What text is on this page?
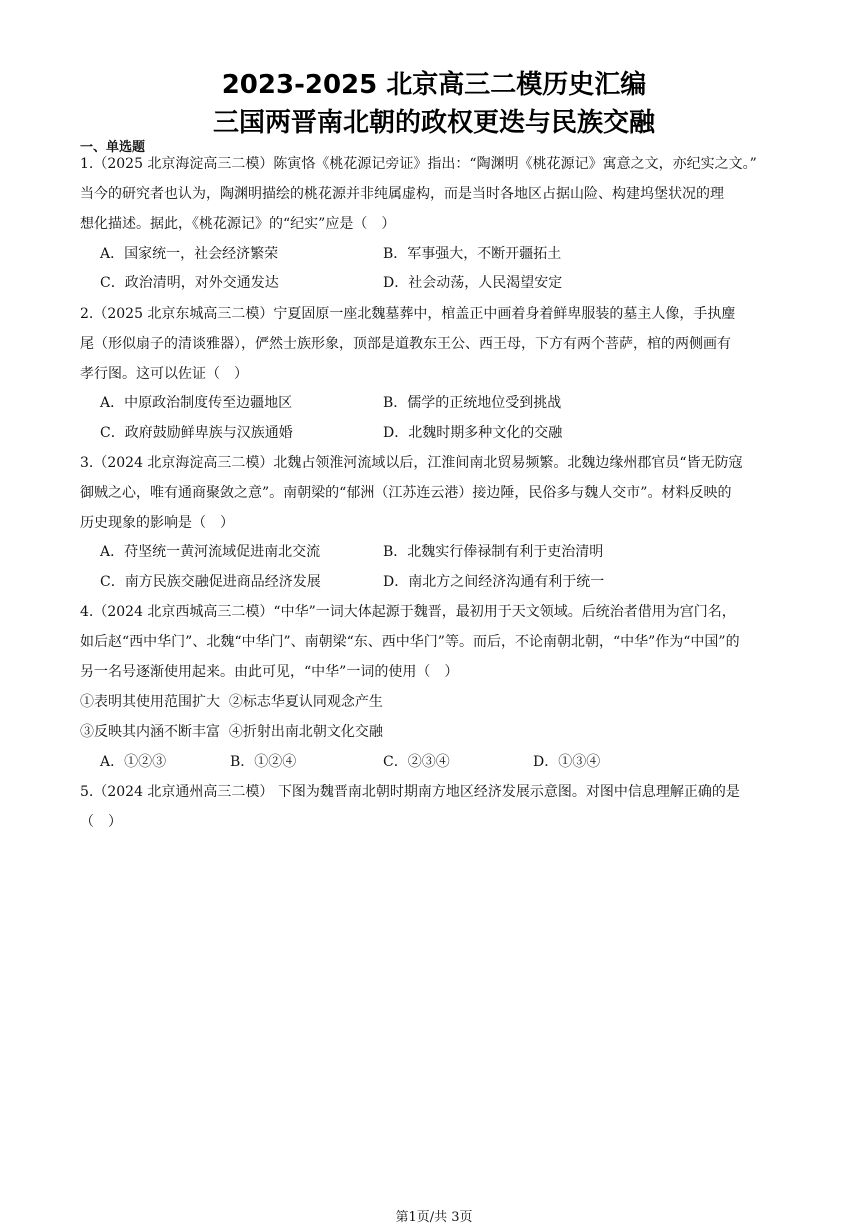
2023-2025 北京高三二模历史汇编
三国两晋南北朝的政权更迭与民族交融
一、单选题
1.（2025 北京海淀高三二模）陈寅恪《桃花源记旁证》指出：“陶渊明《桃花源记》寓意之文，亦纪实之文。”
当今的研究者也认为，陶渊明描绘的桃花源并非纯属虚构，而是当时各地区占据山险、构建坞堡状况的理
想化描述。据此，《桃花源记》的“纪实”应是（　）
A．国家统一，社会经济繁荣	B．军事强大，不断开疆拓土
C．政治清明，对外交通发达	D．社会动荡，人民渴望安定
2.（2025 北京东城高三二模）宁夏固原一座北魏墓葬中，棺盖正中画着身着鲜卑服装的墓主人像，手执麈
尾（形似扇子的清谈雅器），俨然士族形象，顶部是道教东王公、西王母，下方有两个菩萨，棺的两侧画有
孝行图。这可以佐证（　）
A．中原政治制度传至边疆地区	B．儒学的正统地位受到挑战
C．政府鼓励鲜卑族与汉族通婚	D．北魏时期多种文化的交融
3.（2024 北京海淀高三二模）北魏占领淮河流域以后，江淮间南北贸易频繁。北魏边缘州郡官员“皆无防寇
御贼之心，唯有通商聚敛之意”。南朝梁的“郁洲（江苏连云港）接边陲，民俗多与魏人交市”。材料反映的
历史现象的影响是（　）
A．苻坚统一黄河流域促进南北交流	B．北魏实行俸禄制有利于吏治清明
C．南方民族交融促进商品经济发展	D．南北方之间经济沟通有利于统一
4.（2024 北京西城高三二模）“中华”一词大体起源于魏晋，最初用于天文领域。后统治者借用为宫门名，
如后赵“西中华门”、北魏“中华门”、南朝梁“东、西中华门”等。而后，不论南朝北朝，“中华”作为“中国”的
另一名号逐渐使用起来。由此可见，“中华”一词的使用（　）
①表明其使用范围扩大  ②标志华夏认同观念产生
③反映其内涵不断丰富  ④折射出南北朝文化交融
A．①②③	B．①②④	C．②③④	D．①③④
5.（2024 北京通州高三二模） 下图为魏晋南北朝时期南方地区经济发展示意图。对图中信息理解正确的是
（　）
第1页/共 3页
